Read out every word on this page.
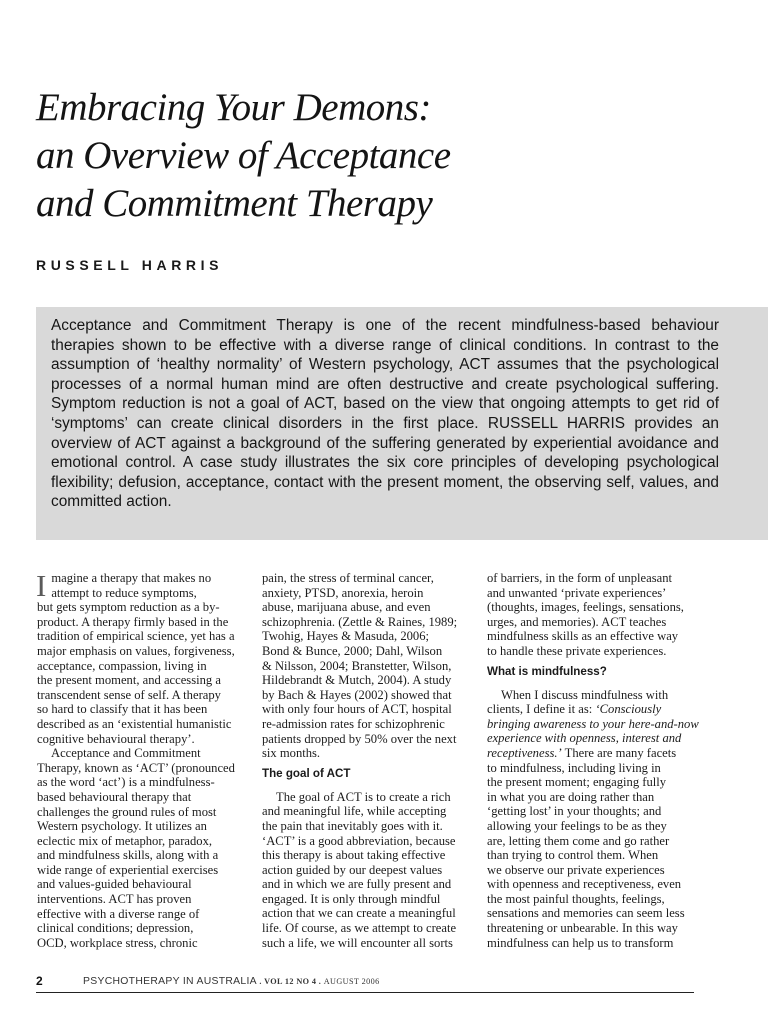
Embracing Your Demons:
an Overview of Acceptance
and Commitment Therapy
RUSSELL HARRIS

Acceptance and Commitment Therapy is one of the recent mindfulness-based behaviour therapies shown to be effective with a diverse range of clinical conditions. In contrast to the assumption of ‘healthy normality’ of Western psychology, ACT assumes that the psychological processes of a normal human mind are often destructive and create psychological suffering. Symptom reduction is not a goal of ACT, based on the view that ongoing attempts to get rid of ‘symptoms’ can create clinical disorders in the first place. RUSSELL HARRIS provides an overview of ACT against a background of the suffering generated by experiential avoidance and emotional control. A case study illustrates the six core principles of developing psychological flexibility; defusion, acceptance, contact with the present moment, the observing self, values, and committed action.

I magine a therapy that makes no
attempt to reduce symptoms,
but gets symptom reduction as a by-
product. A therapy firmly based in the
tradition of empirical science, yet has a
major emphasis on values, forgiveness,
acceptance, compassion, living in
the present moment, and accessing a
transcendent sense of self. A therapy
so hard to classify that it has been
described as an ‘existential humanistic
cognitive behavioural therapy’.

Acceptance and Commitment
Therapy, known as ‘ACT’ (pronounced
as the word ‘act’) is a mindfulness-
based behavioural therapy that
challenges the ground rules of most
Western psychology. It utilizes an
eclectic mix of metaphor, paradox,
and mindfulness skills, along with a
wide range of experiential exercises
and values-guided behavioural
interventions. ACT has proven
effective with a diverse range of
clinical conditions; depression,
OCD, workplace stress, chronic

pain, the stress of terminal cancer,
anxiety, PTSD, anorexia, heroin
abuse, marijuana abuse, and even
schizophrenia. (Zettle & Raines, 1989;
Twohig, Hayes & Masuda, 2006;
Bond & Bunce, 2000; Dahl, Wilson
& Nilsson, 2004; Branstetter, Wilson,
Hildebrandt & Mutch, 2004). A study
by Bach & Hayes (2002) showed that
with only four hours of ACT, hospital
re-admission rates for schizophrenic
patients dropped by 50% over the next
six months.

The goal of ACT

The goal of ACT is to create a rich
and meaningful life, while accepting
the pain that inevitably goes with it.
‘ACT’ is a good abbreviation, because
this therapy is about taking effective
action guided by our deepest values
and in which we are fully present and
engaged. It is only through mindful
action that we can create a meaningful
life. Of course, as we attempt to create
such a life, we will encounter all sorts

of barriers, in the form of unpleasant
and unwanted ‘private experiences’
(thoughts, images, feelings, sensations,
urges, and memories). ACT teaches
mindfulness skills as an effective way
to handle these private experiences.

What is mindfulness?

When I discuss mindfulness with
clients, I define it as: ‘Consciously
bringing awareness to your here-and-now
experience with openness, interest and
receptiveness.’ There are many facets
to mindfulness, including living in
the present moment; engaging fully
in what you are doing rather than
‘getting lost’ in your thoughts; and
allowing your feelings to be as they
are, letting them come and go rather
than trying to control them. When
we observe our private experiences
with openness and receptiveness, even
the most painful thoughts, feelings,
sensations and memories can seem less
threatening or unbearable. In this way
mindfulness can help us to transform

2	PSYCHOTHERAPY IN AUSTRALIA . VOL 12 NO 4 . AUGUST 2006
